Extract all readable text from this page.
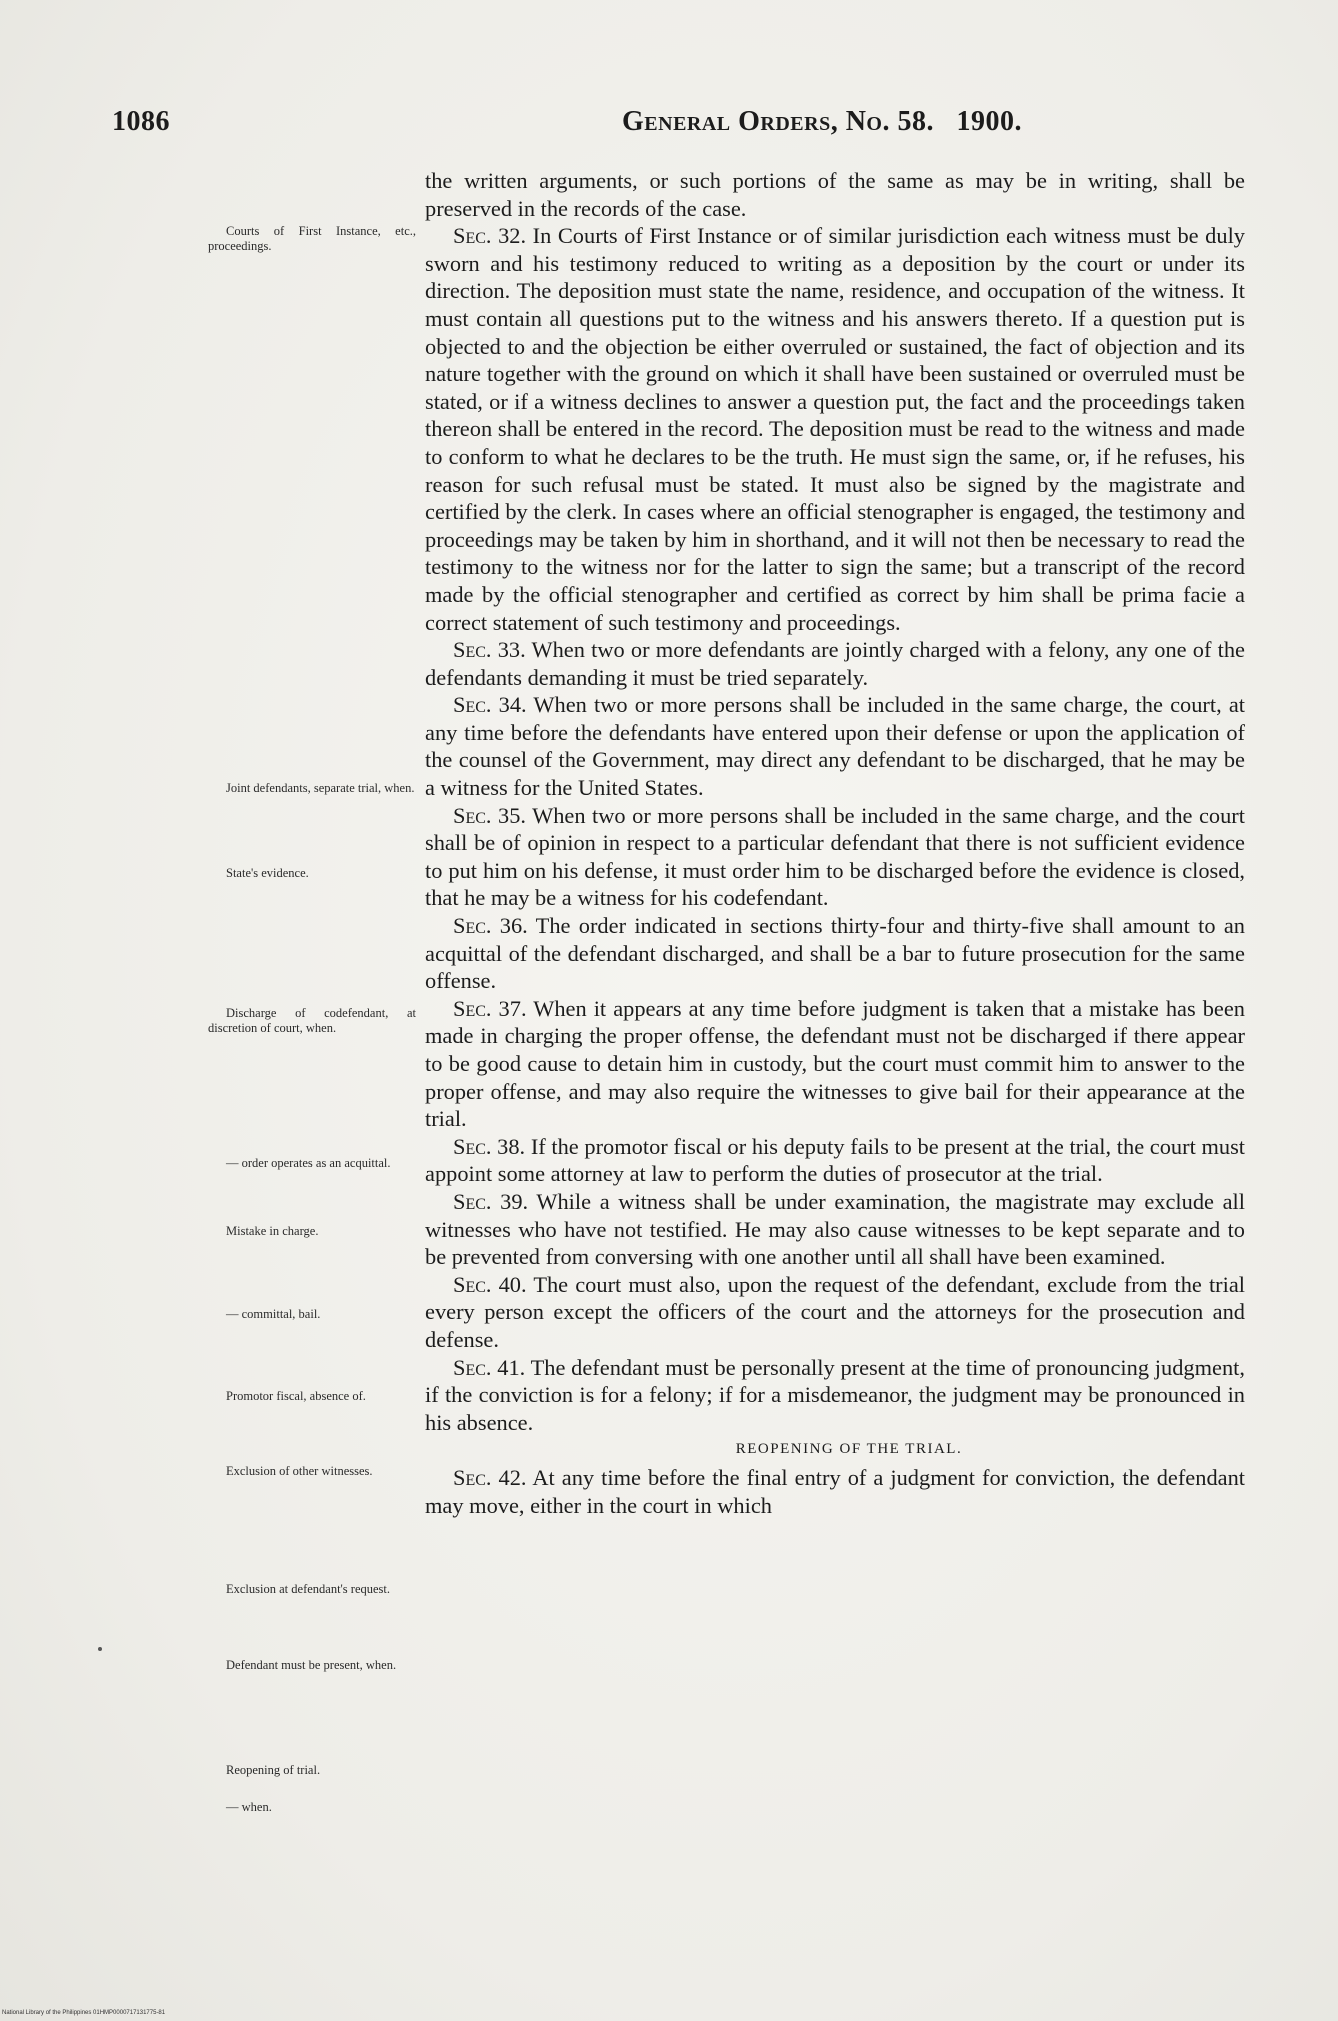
1086	General Orders, No. 58. 1900.
Courts of First Instance, etc., proceedings.
Joint defendants, separate trial, when.
State's evidence.
Discharge of codefendant, at discretion of court, when.
— order operates as an acquittal.
Mistake in charge.
— committal, bail.
Promotor fiscal, absence of.
Exclusion of other witnesses.
Exclusion at defendant's request.
Defendant must be present, when.
Reopening of trial.
— when.

the written arguments, or such portions of the same as may be in writing, shall be preserved in the records of the case.

Sec. 32. In Courts of First Instance or of similar jurisdiction each witness must be duly sworn and his testimony reduced to writing as a deposition by the court or under its direction. The deposition must state the name, residence, and occupation of the witness. It must contain all questions put to the witness and his answers thereto. If a question put is objected to and the objection be either overruled or sustained, the fact of objection and its nature together with the ground on which it shall have been sustained or overruled must be stated, or if a witness declines to answer a question put, the fact and the proceedings taken thereon shall be entered in the record. The deposition must be read to the witness and made to conform to what he declares to be the truth. He must sign the same, or, if he refuses, his reason for such refusal must be stated. It must also be signed by the magistrate and certified by the clerk. In cases where an official stenographer is engaged, the testimony and proceedings may be taken by him in shorthand, and it will not then be necessary to read the testimony to the witness nor for the latter to sign the same; but a transcript of the record made by the official stenographer and certified as correct by him shall be prima facie a correct statement of such testimony and proceedings.

Sec. 33. When two or more defendants are jointly charged with a felony, any one of the defendants demanding it must be tried separately.

Sec. 34. When two or more persons shall be included in the same charge, the court, at any time before the defendants have entered upon their defense or upon the application of the counsel of the Government, may direct any defendant to be discharged, that he may be a witness for the United States.

Sec. 35. When two or more persons shall be included in the same charge, and the court shall be of opinion in respect to a particular defendant that there is not sufficient evidence to put him on his defense, it must order him to be discharged before the evidence is closed, that he may be a witness for his codefendant.

Sec. 36. The order indicated in sections thirty-four and thirty-five shall amount to an acquittal of the defendant discharged, and shall be a bar to future prosecution for the same offense.

Sec. 37. When it appears at any time before judgment is taken that a mistake has been made in charging the proper offense, the defendant must not be discharged if there appear to be good cause to detain him in custody, but the court must commit him to answer to the proper offense, and may also require the witnesses to give bail for their appearance at the trial.

Sec. 38. If the promotor fiscal or his deputy fails to be present at the trial, the court must appoint some attorney at law to perform the duties of prosecutor at the trial.

Sec. 39. While a witness shall be under examination, the magistrate may exclude all witnesses who have not testified. He may also cause witnesses to be kept separate and to be prevented from conversing with one another until all shall have been examined.

Sec. 40. The court must also, upon the request of the defendant, exclude from the trial every person except the officers of the court and the attorneys for the prosecution and defense.

Sec. 41. The defendant must be personally present at the time of pronouncing judgment, if the conviction is for a felony; if for a misdemeanor, the judgment may be pronounced in his absence.

REOPENING OF THE TRIAL.

Sec. 42. At any time before the final entry of a judgment for conviction, the defendant may move, either in the court in which

National Library of the Philippines 01HMP0000717131775-81
